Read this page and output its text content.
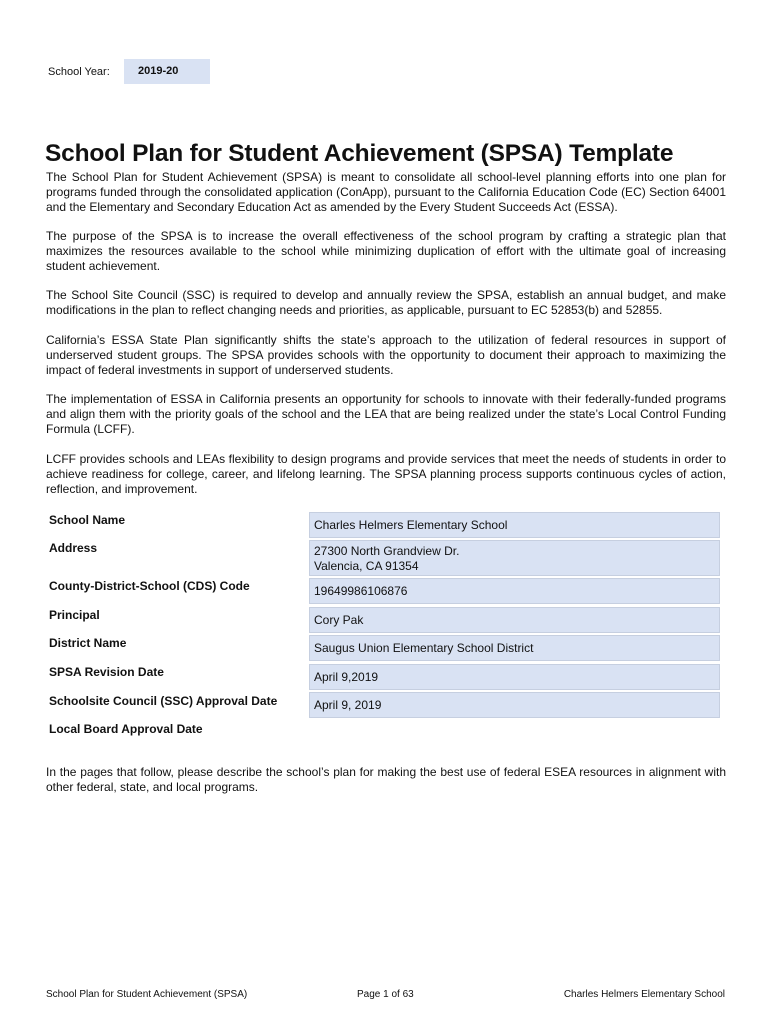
School Year:	2019-20
School Plan for Student Achievement (SPSA) Template

The School Plan for Student Achievement (SPSA) is meant to consolidate all school-level planning efforts into one plan for programs funded through the consolidated application (ConApp), pursuant to the California Education Code (EC) Section 64001 and the Elementary and Secondary Education Act as amended by the Every Student Succeeds Act (ESSA).

The purpose of the SPSA is to increase the overall effectiveness of the school program by crafting a strategic plan that maximizes the resources available to the school while minimizing duplication of effort with the ultimate goal of increasing student achievement.

The School Site Council (SSC) is required to develop and annually review the SPSA, establish an annual budget, and make modifications in the plan to reflect changing needs and priorities, as applicable, pursuant to EC 52853(b) and 52855.

California’s ESSA State Plan significantly shifts the state’s approach to the utilization of federal resources in support of underserved student groups. The SPSA provides schools with the opportunity to document their approach to maximizing the impact of federal investments in support of underserved students.

The implementation of ESSA in California presents an opportunity for schools to innovate with their federally-funded programs and align them with the priority goals of the school and the LEA that are being realized under the state’s Local Control Funding Formula (LCFF).

LCFF provides schools and LEAs flexibility to design programs and provide services that meet the needs of students in order to achieve readiness for college, career, and lifelong learning. The SPSA planning process supports continuous cycles of action, reflection, and improvement.

School Name	Charles Helmers Elementary School
Address	27300 North Grandview Dr.
Valencia, CA 91354
County-District-School (CDS) Code	19649986106876
Principal	Cory Pak
District Name	Saugus Union Elementary School District
SPSA Revision Date	April 9,2019
Schoolsite Council (SSC) Approval Date	April 9, 2019
Local Board Approval Date

In the pages that follow, please describe the school’s plan for making the best use of federal ESEA resources in alignment with other federal, state, and local programs.

School Plan for Student Achievement (SPSA)	Page 1 of 63	Charles Helmers Elementary School
